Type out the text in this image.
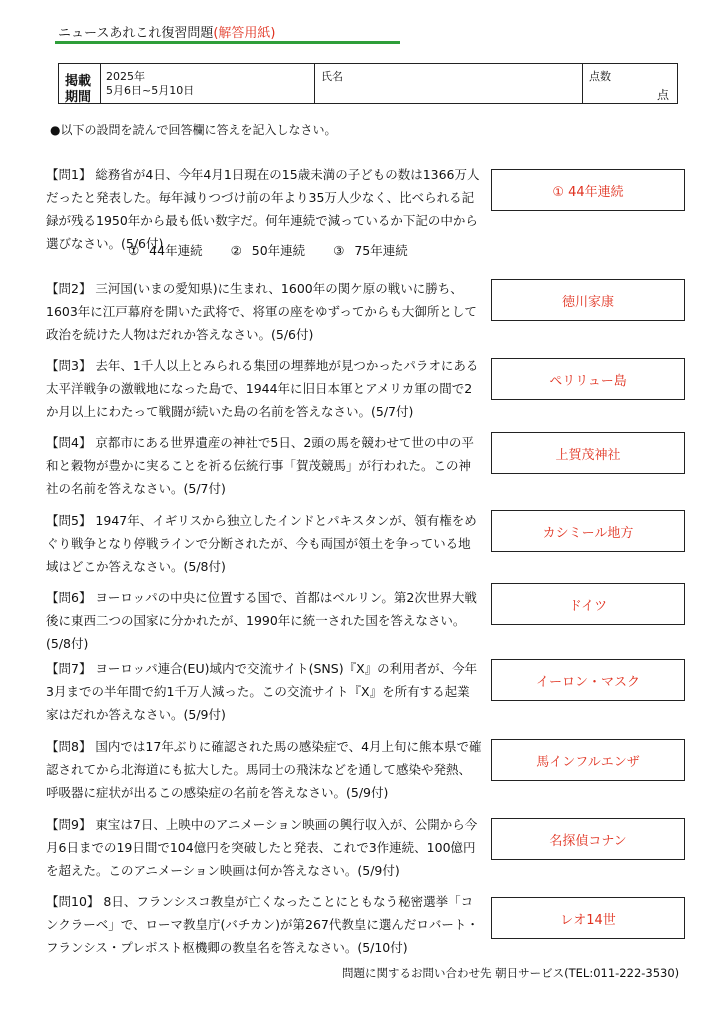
ニュースあれこれ復習問題(解答用紙)
掲載
期間
2025年
5月6日~5月10日
氏名	点数
点
●以下の設問を読んで回答欄に答えを記入しなさい。
【問1】 総務省が4日、今年4月1日現在の15歳未満の子どもの数は1366万人だったと発表した。毎年減りつづけ前の年より35万人少なく、比べられる記録が残る1950年から最も低い数字だ。何年連続で減っているか下記の中から選びなさい。(5/6付)
① 44年連続 ② 50年連続 ③ 75年連続
【問2】 三河国(いまの愛知県)に生まれ、1600年の関ケ原の戦いに勝ち、1603年に江戸幕府を開いた武将で、将軍の座をゆずってからも大御所として政治を続けた人物はだれか答えなさい。(5/6付)
【問3】 去年、1千人以上とみられる集団の埋葬地が見つかったパラオにある太平洋戦争の激戦地になった島で、1944年に旧日本軍とアメリカ軍の間で2か月以上にわたって戦闘が続いた島の名前を答えなさい。(5/7付)
【問4】 京都市にある世界遺産の神社で5日、2頭の馬を競わせて世の中の平和と穀物が豊かに実ることを祈る伝統行事「賀茂競馬」が行われた。この神社の名前を答えなさい。(5/7付)
【問5】 1947年、イギリスから独立したインドとパキスタンが、領有権をめぐり戦争となり停戦ラインで分断されたが、今も両国が領土を争っている地域はどこか答えなさい。(5/8付)
【問6】 ヨーロッパの中央に位置する国で、首都はベルリン。第2次世界大戦後に東西二つの国家に分かれたが、1990年に統一された国を答えなさい。(5/8付)
【問7】 ヨーロッパ連合(EU)域内で交流サイト(SNS)『X』の利用者が、今年3月までの半年間で約1千万人減った。この交流サイト『X』を所有する起業家はだれか答えなさい。(5/9付)
【問8】 国内では17年ぶりに確認された馬の感染症で、4月上旬に熊本県で確認されてから北海道にも拡大した。馬同士の飛沫などを通して感染や発熱、呼吸器に症状が出るこの感染症の名前を答えなさい。(5/9付)
【問9】 東宝は7日、上映中のアニメーション映画の興行収入が、公開から今月6日までの19日間で104億円を突破したと発表、これで3作連続、100億円を超えた。このアニメーション映画は何か答えなさい。(5/9付)
【問10】 8日、フランシスコ教皇が亡くなったことにともなう秘密選挙「コンクラーベ」で、ローマ教皇庁(バチカン)が第267代教皇に選んだロバート・フランシス・プレボスト枢機卿の教皇名を答えなさい。(5/10付)
① 44年連続
徳川家康
ペリリュー島
上賀茂神社
カシミール地方
ドイツ
イーロン・マスク
馬インフルエンザ
名探偵コナン
レオ14世
問題に関するお問い合わせ先 朝日サービス(TEL:011-222-3530)
